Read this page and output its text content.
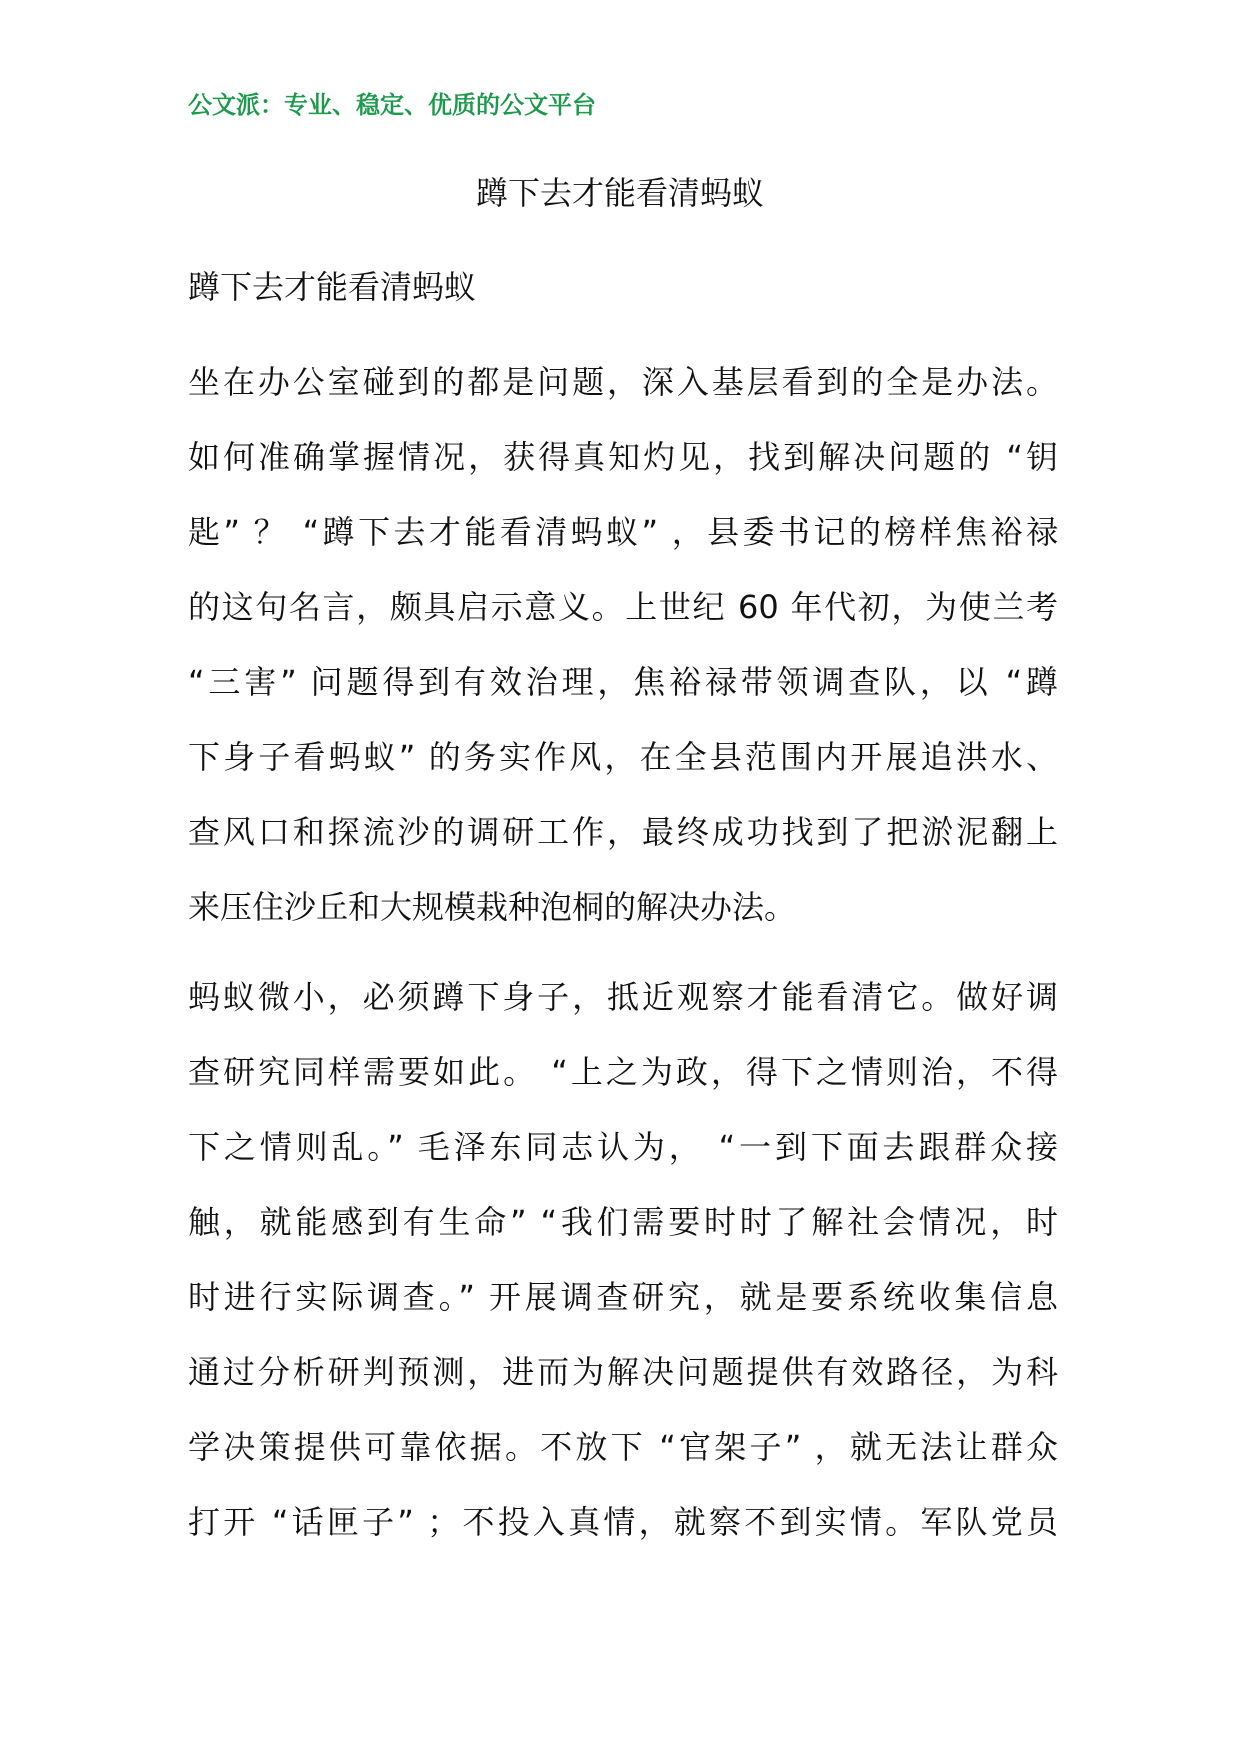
公文派：专业、稳定、优质的公文平台
蹲下去才能看清蚂蚁
蹲下去才能看清蚂蚁
坐在办公室碰到的都是问题，深入基层看到的全是办法。
如何准确掌握情况，获得真知灼见，找到解决问题的 “钥
匙” ？ “蹲下去才能看清蚂蚁” ，县委书记的榜样焦裕禄
的这句名言，颇具启示意义。上世纪 60 年代初，为使兰考
“三害” 问题得到有效治理，焦裕禄带领调查队，以 “蹲
下身子看蚂蚁” 的务实作风，在全县范围内开展追洪水、
查风口和探流沙的调研工作，最终成功找到了把淤泥翻上
来压住沙丘和大规模栽种泡桐的解决办法。
蚂蚁微小，必须蹲下身子，抵近观察才能看清它。做好调
查研究同样需要如此。 “上之为政，得下之情则治，不得
下之情则乱。” 毛泽东同志认为， “一到下面去跟群众接
触，就能感到有生命” “我们需要时时了解社会情况，时
时进行实际调查。” 开展调查研究，就是要系统收集信息
通过分析研判预测，进而为解决问题提供有效路径，为科
学决策提供可靠依据。不放下 “官架子” ，就无法让群众
打开 “话匣子” ；不投入真情，就察不到实情。军队党员
